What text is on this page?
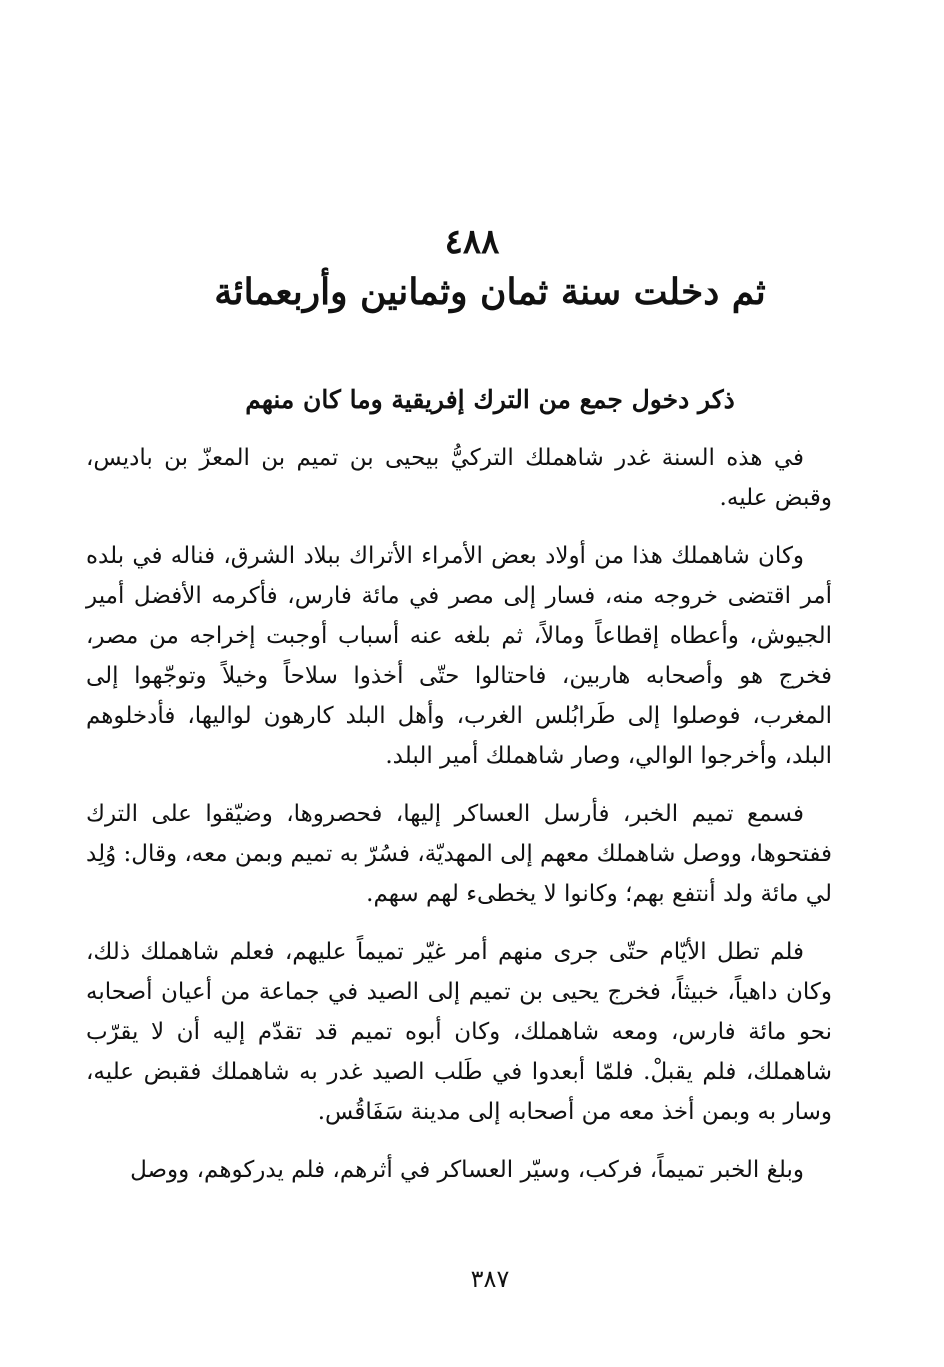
٤٨٨
ثم دخلت سنة ثمان وثمانين وأربعمائة
ذكر دخول جمع من الترك إفريقية وما كان منهم

في هذه السنة غدر شاهملك التركيُّ بيحيى بن تميم بن المعزّ بن باديس، وقبض عليه.

وكان شاهملك هذا من أولاد بعض الأمراء الأتراك ببلاد الشرق، فناله في بلده أمر اقتضى خروجه منه، فسار إلى مصر في مائة فارس، فأكرمه الأفضل أمير الجيوش، وأعطاه إقطاعاً ومالاً، ثم بلغه عنه أسباب أوجبت إخراجه من مصر، فخرج هو وأصحابه هاربين، فاحتالوا حتّى أخذوا سلاحاً وخيلاً وتوجّهوا إلى المغرب، فوصلوا إلى طَرابُلس الغرب، وأهل البلد كارهون لواليها، فأدخلوهم البلد، وأخرجوا الوالي، وصار شاهملك أمير البلد.

فسمع تميم الخبر، فأرسل العساكر إليها، فحصروها، وضيّقوا على الترك ففتحوها، ووصل شاهملك معهم إلى المهديّة، فسُرّ به تميم وبمن معه، وقال: وُلِد لي مائة ولد أنتفع بهم؛ وكانوا لا يخطىء لهم سهم.

فلم تطل الأيّام حتّى جرى منهم أمر غيّر تميماً عليهم، فعلم شاهملك ذلك، وكان داهياً، خبيثاً، فخرج يحيى بن تميم إلى الصيد في جماعة من أعيان أصحابه نحو مائة فارس، ومعه شاهملك، وكان أبوه تميم قد تقدّم إليه أن لا يقرّب شاهملك، فلم يقبلْ. فلمّا أبعدوا في طَلب الصيد غدر به شاهملك فقبض عليه، وسار به وبمن أخذ معه من أصحابه إلى مدينة سَفَاقُس.

وبلغ الخبر تميماً، فركب، وسيّر العساكر في أثرهم، فلم يدركوهم، ووصل

٣٨٧
